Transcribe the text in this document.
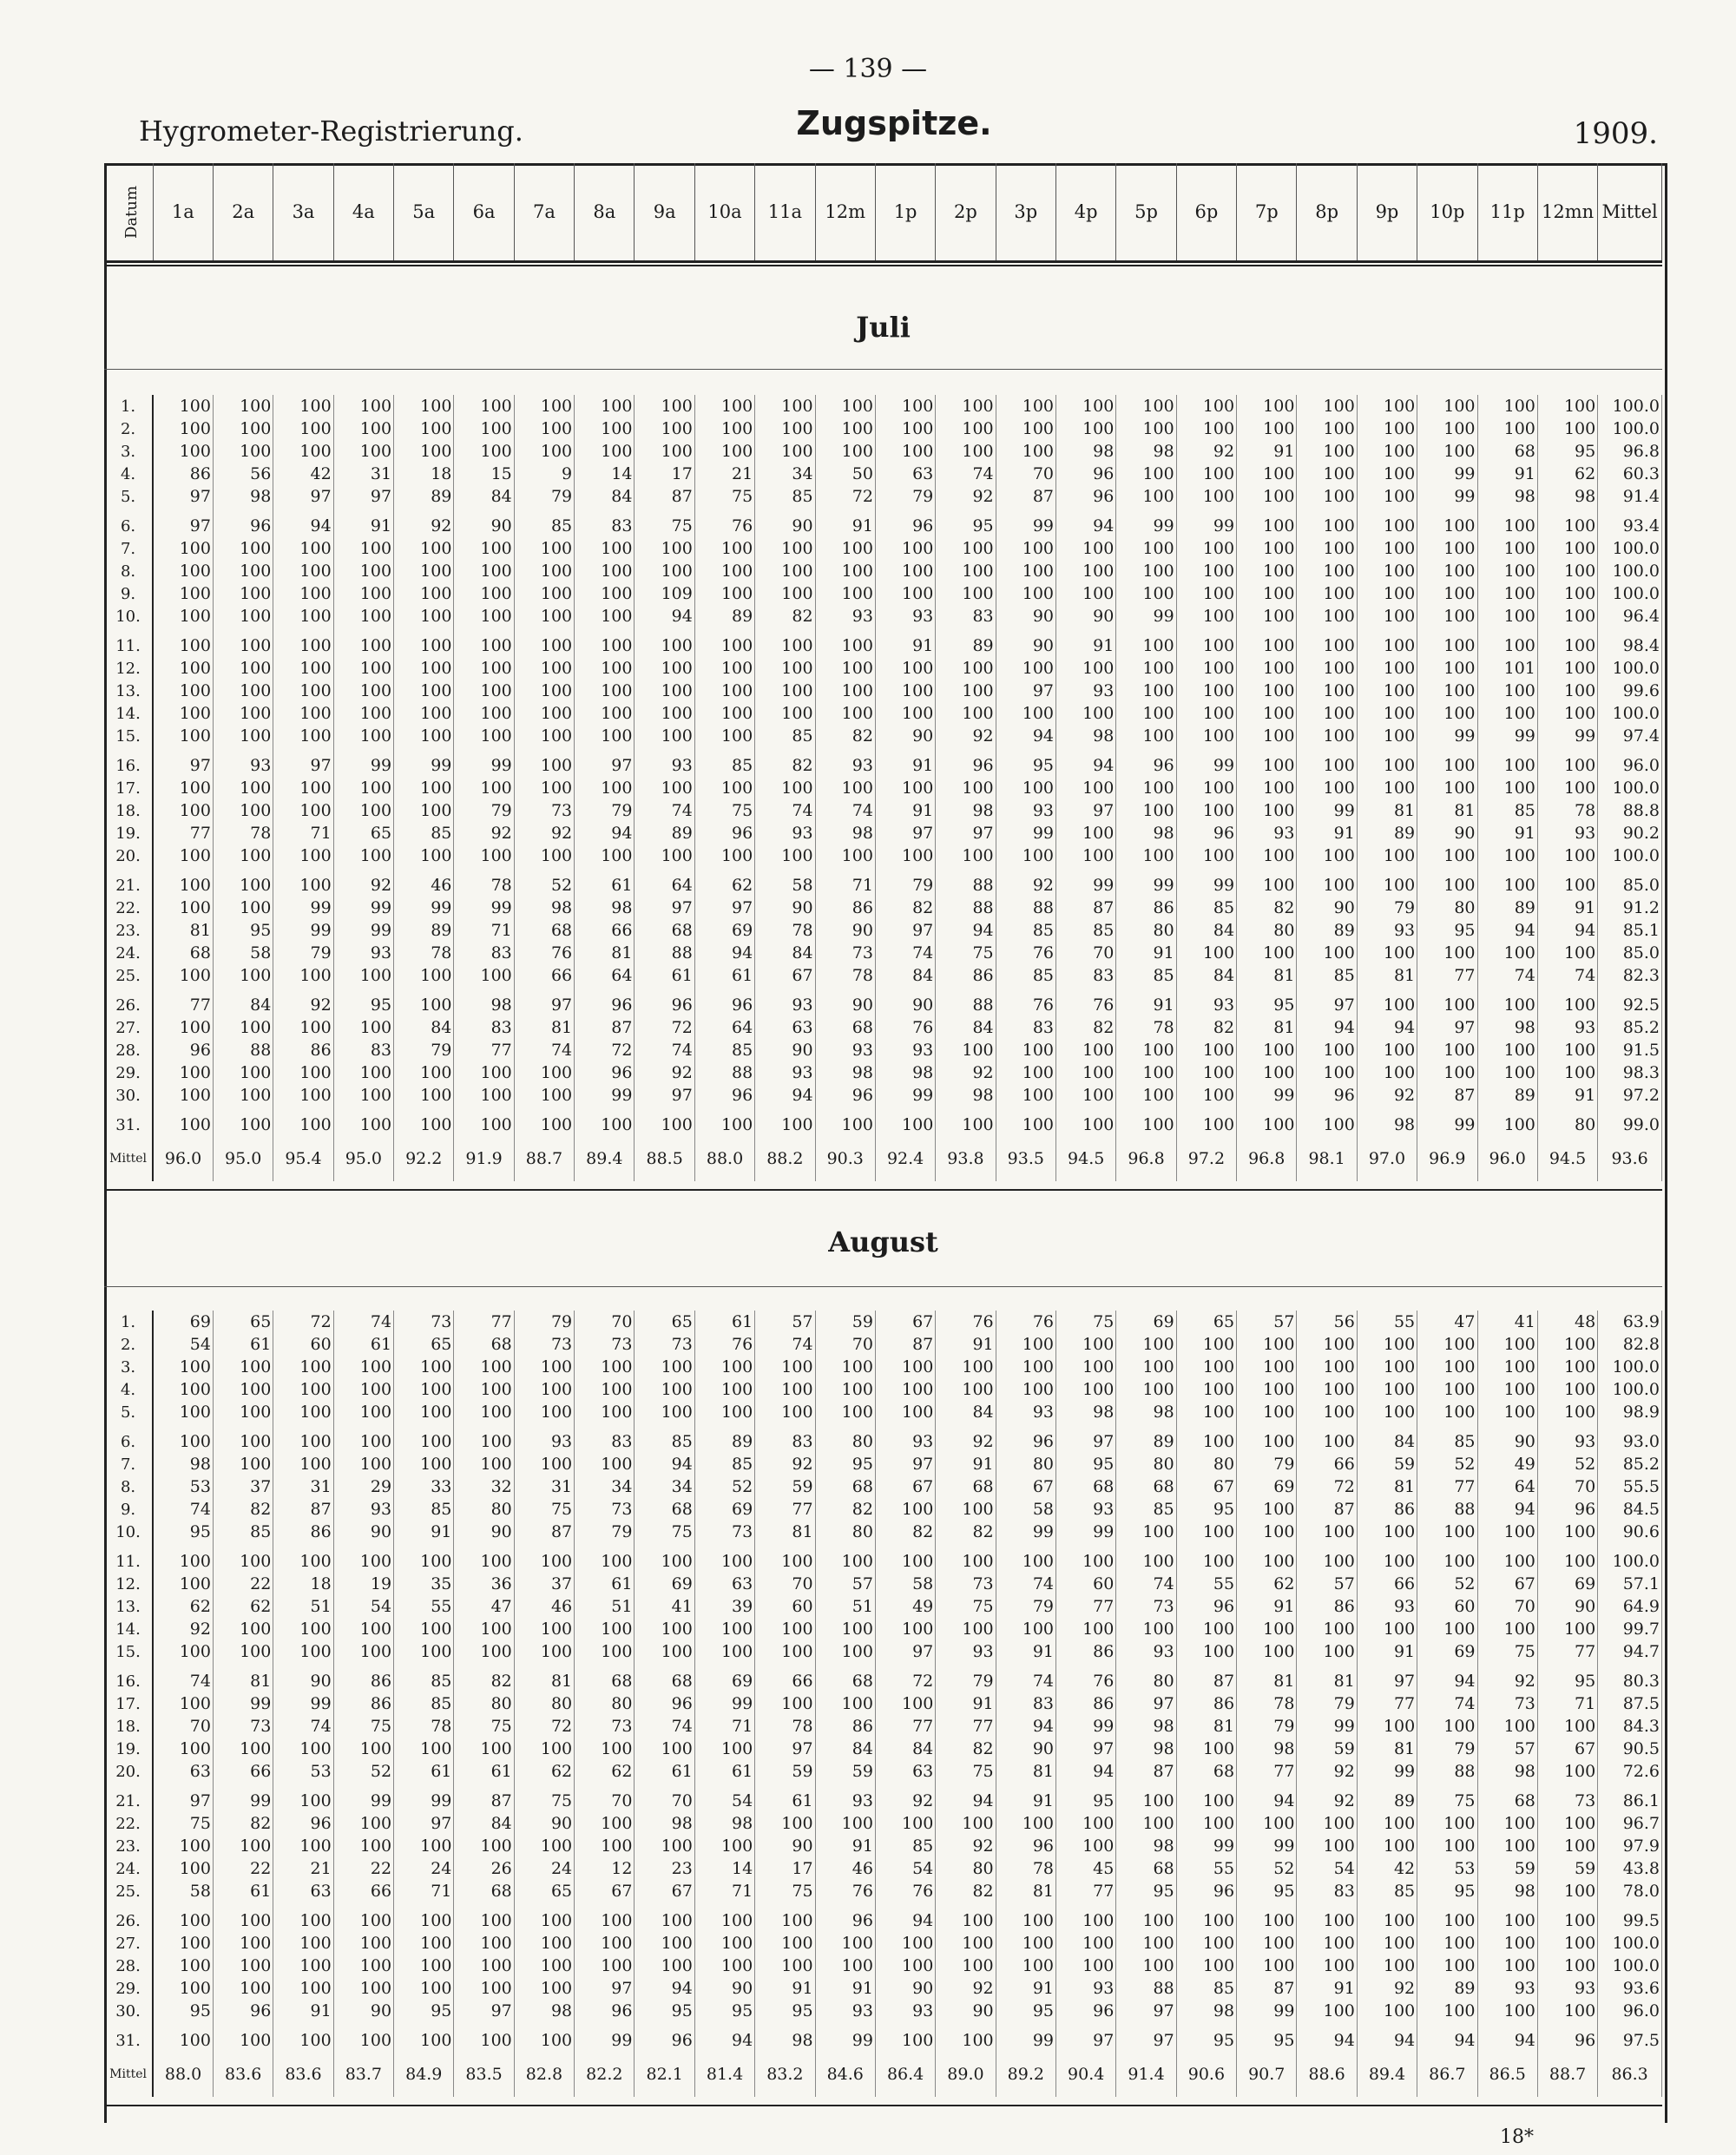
— 139 —
Hygrometer-Registrierung.	Zugspitze.	1909.
Datum	1a	2a	3a	4a	5a	6a	7a	8a	9a	10a	11a	12m	1p	2p	3p	4p	5p	6p	7p	8p	9p	10p	11p	12mn	Mittel
Juli
1.	100	100	100	100	100	100	100	100	100	100	100	100	100	100	100	100	100	100	100	100	100	100	100	100	100.0
2.	100	100	100	100	100	100	100	100	100	100	100	100	100	100	100	100	100	100	100	100	100	100	100	100	100.0
3.	100	100	100	100	100	100	100	100	100	100	100	100	100	100	100	98	98	92	91	100	100	100	68	95	96.8
4.	86	56	42	31	18	15	9	14	17	21	34	50	63	74	70	96	100	100	100	100	100	99	91	62	60.3
5.	97	98	97	97	89	84	79	84	87	75	85	72	79	92	87	96	100	100	100	100	100	99	98	98	91.4

6.	97	96	94	91	92	90	85	83	75	76	90	91	96	95	99	94	99	99	100	100	100	100	100	100	93.4
7.	100	100	100	100	100	100	100	100	100	100	100	100	100	100	100	100	100	100	100	100	100	100	100	100	100.0
8.	100	100	100	100	100	100	100	100	100	100	100	100	100	100	100	100	100	100	100	100	100	100	100	100	100.0
9.	100	100	100	100	100	100	100	100	109	100	100	100	100	100	100	100	100	100	100	100	100	100	100	100	100.0
10.	100	100	100	100	100	100	100	100	94	89	82	93	93	83	90	90	99	100	100	100	100	100	100	100	96.4

11.	100	100	100	100	100	100	100	100	100	100	100	100	91	89	90	91	100	100	100	100	100	100	100	100	98.4
12.	100	100	100	100	100	100	100	100	100	100	100	100	100	100	100	100	100	100	100	100	100	100	101	100	100.0
13.	100	100	100	100	100	100	100	100	100	100	100	100	100	100	97	93	100	100	100	100	100	100	100	100	99.6
14.	100	100	100	100	100	100	100	100	100	100	100	100	100	100	100	100	100	100	100	100	100	100	100	100	100.0
15.	100	100	100	100	100	100	100	100	100	100	85	82	90	92	94	98	100	100	100	100	100	99	99	99	97.4

16.	97	93	97	99	99	99	100	97	93	85	82	93	91	96	95	94	96	99	100	100	100	100	100	100	96.0
17.	100	100	100	100	100	100	100	100	100	100	100	100	100	100	100	100	100	100	100	100	100	100	100	100	100.0
18.	100	100	100	100	100	79	73	79	74	75	74	74	91	98	93	97	100	100	100	99	81	81	85	78	88.8
19.	77	78	71	65	85	92	92	94	89	96	93	98	97	97	99	100	98	96	93	91	89	90	91	93	90.2
20.	100	100	100	100	100	100	100	100	100	100	100	100	100	100	100	100	100	100	100	100	100	100	100	100	100.0

21.	100	100	100	92	46	78	52	61	64	62	58	71	79	88	92	99	99	99	100	100	100	100	100	100	85.0
22.	100	100	99	99	99	99	98	98	97	97	90	86	82	88	88	87	86	85	82	90	79	80	89	91	91.2
23.	81	95	99	99	89	71	68	66	68	69	78	90	97	94	85	85	80	84	80	89	93	95	94	94	85.1
24.	68	58	79	93	78	83	76	81	88	94	84	73	74	75	76	70	91	100	100	100	100	100	100	100	85.0
25.	100	100	100	100	100	100	66	64	61	61	67	78	84	86	85	83	85	84	81	85	81	77	74	74	82.3

26.	77	84	92	95	100	98	97	96	96	96	93	90	90	88	76	76	91	93	95	97	100	100	100	100	92.5
27.	100	100	100	100	84	83	81	87	72	64	63	68	76	84	83	82	78	82	81	94	94	97	98	93	85.2
28.	96	88	86	83	79	77	74	72	74	85	90	93	93	100	100	100	100	100	100	100	100	100	100	100	91.5
29.	100	100	100	100	100	100	100	96	92	88	93	98	98	92	100	100	100	100	100	100	100	100	100	100	98.3
30.	100	100	100	100	100	100	100	99	97	96	94	96	99	98	100	100	100	100	99	96	92	87	89	91	97.2

31.	100	100	100	100	100	100	100	100	100	100	100	100	100	100	100	100	100	100	100	100	98	99	100	80	99.0
Mittel	96.0	95.0	95.4	95.0	92.2	91.9	88.7	89.4	88.5	88.0	88.2	90.3	92.4	93.8	93.5	94.5	96.8	97.2	96.8	98.1	97.0	96.9	96.0	94.5	93.6
August
1.	69	65	72	74	73	77	79	70	65	61	57	59	67	76	76	75	69	65	57	56	55	47	41	48	63.9
2.	54	61	60	61	65	68	73	73	73	76	74	70	87	91	100	100	100	100	100	100	100	100	100	100	82.8
3.	100	100	100	100	100	100	100	100	100	100	100	100	100	100	100	100	100	100	100	100	100	100	100	100	100.0
4.	100	100	100	100	100	100	100	100	100	100	100	100	100	100	100	100	100	100	100	100	100	100	100	100	100.0
5.	100	100	100	100	100	100	100	100	100	100	100	100	100	84	93	98	98	100	100	100	100	100	100	100	98.9

6.	100	100	100	100	100	100	93	83	85	89	83	80	93	92	96	97	89	100	100	100	84	85	90	93	93.0
7.	98	100	100	100	100	100	100	100	94	85	92	95	97	91	80	95	80	80	79	66	59	52	49	52	85.2
8.	53	37	31	29	33	32	31	34	34	52	59	68	67	68	67	68	68	67	69	72	81	77	64	70	55.5
9.	74	82	87	93	85	80	75	73	68	69	77	82	100	100	58	93	85	95	100	87	86	88	94	96	84.5
10.	95	85	86	90	91	90	87	79	75	73	81	80	82	82	99	99	100	100	100	100	100	100	100	100	90.6

11.	100	100	100	100	100	100	100	100	100	100	100	100	100	100	100	100	100	100	100	100	100	100	100	100	100.0
12.	100	22	18	19	35	36	37	61	69	63	70	57	58	73	74	60	74	55	62	57	66	52	67	69	57.1
13.	62	62	51	54	55	47	46	51	41	39	60	51	49	75	79	77	73	96	91	86	93	60	70	90	64.9
14.	92	100	100	100	100	100	100	100	100	100	100	100	100	100	100	100	100	100	100	100	100	100	100	100	99.7
15.	100	100	100	100	100	100	100	100	100	100	100	100	97	93	91	86	93	100	100	100	91	69	75	77	94.7

16.	74	81	90	86	85	82	81	68	68	69	66	68	72	79	74	76	80	87	81	81	97	94	92	95	80.3
17.	100	99	99	86	85	80	80	80	96	99	100	100	100	91	83	86	97	86	78	79	77	74	73	71	87.5
18.	70	73	74	75	78	75	72	73	74	71	78	86	77	77	94	99	98	81	79	99	100	100	100	100	84.3
19.	100	100	100	100	100	100	100	100	100	100	97	84	84	82	90	97	98	100	98	59	81	79	57	67	90.5
20.	63	66	53	52	61	61	62	62	61	61	59	59	63	75	81	94	87	68	77	92	99	88	98	100	72.6

21.	97	99	100	99	99	87	75	70	70	54	61	93	92	94	91	95	100	100	94	92	89	75	68	73	86.1
22.	75	82	96	100	97	84	90	100	98	98	100	100	100	100	100	100	100	100	100	100	100	100	100	100	96.7
23.	100	100	100	100	100	100	100	100	100	100	90	91	85	92	96	100	98	99	99	100	100	100	100	100	97.9
24.	100	22	21	22	24	26	24	12	23	14	17	46	54	80	78	45	68	55	52	54	42	53	59	59	43.8
25.	58	61	63	66	71	68	65	67	67	71	75	76	76	82	81	77	95	96	95	83	85	95	98	100	78.0

26.	100	100	100	100	100	100	100	100	100	100	100	96	94	100	100	100	100	100	100	100	100	100	100	100	99.5
27.	100	100	100	100	100	100	100	100	100	100	100	100	100	100	100	100	100	100	100	100	100	100	100	100	100.0
28.	100	100	100	100	100	100	100	100	100	100	100	100	100	100	100	100	100	100	100	100	100	100	100	100	100.0
29.	100	100	100	100	100	100	100	97	94	90	91	91	90	92	91	93	88	85	87	91	92	89	93	93	93.6
30.	95	96	91	90	95	97	98	96	95	95	95	93	93	90	95	96	97	98	99	100	100	100	100	100	96.0

31.	100	100	100	100	100	100	100	99	96	94	98	99	100	100	99	97	97	95	95	94	94	94	94	96	97.5
Mittel	88.0	83.6	83.6	83.7	84.9	83.5	82.8	82.2	82.1	81.4	83.2	84.6	86.4	89.0	89.2	90.4	91.4	90.6	90.7	88.6	89.4	86.7	86.5	88.7	86.3
18*
